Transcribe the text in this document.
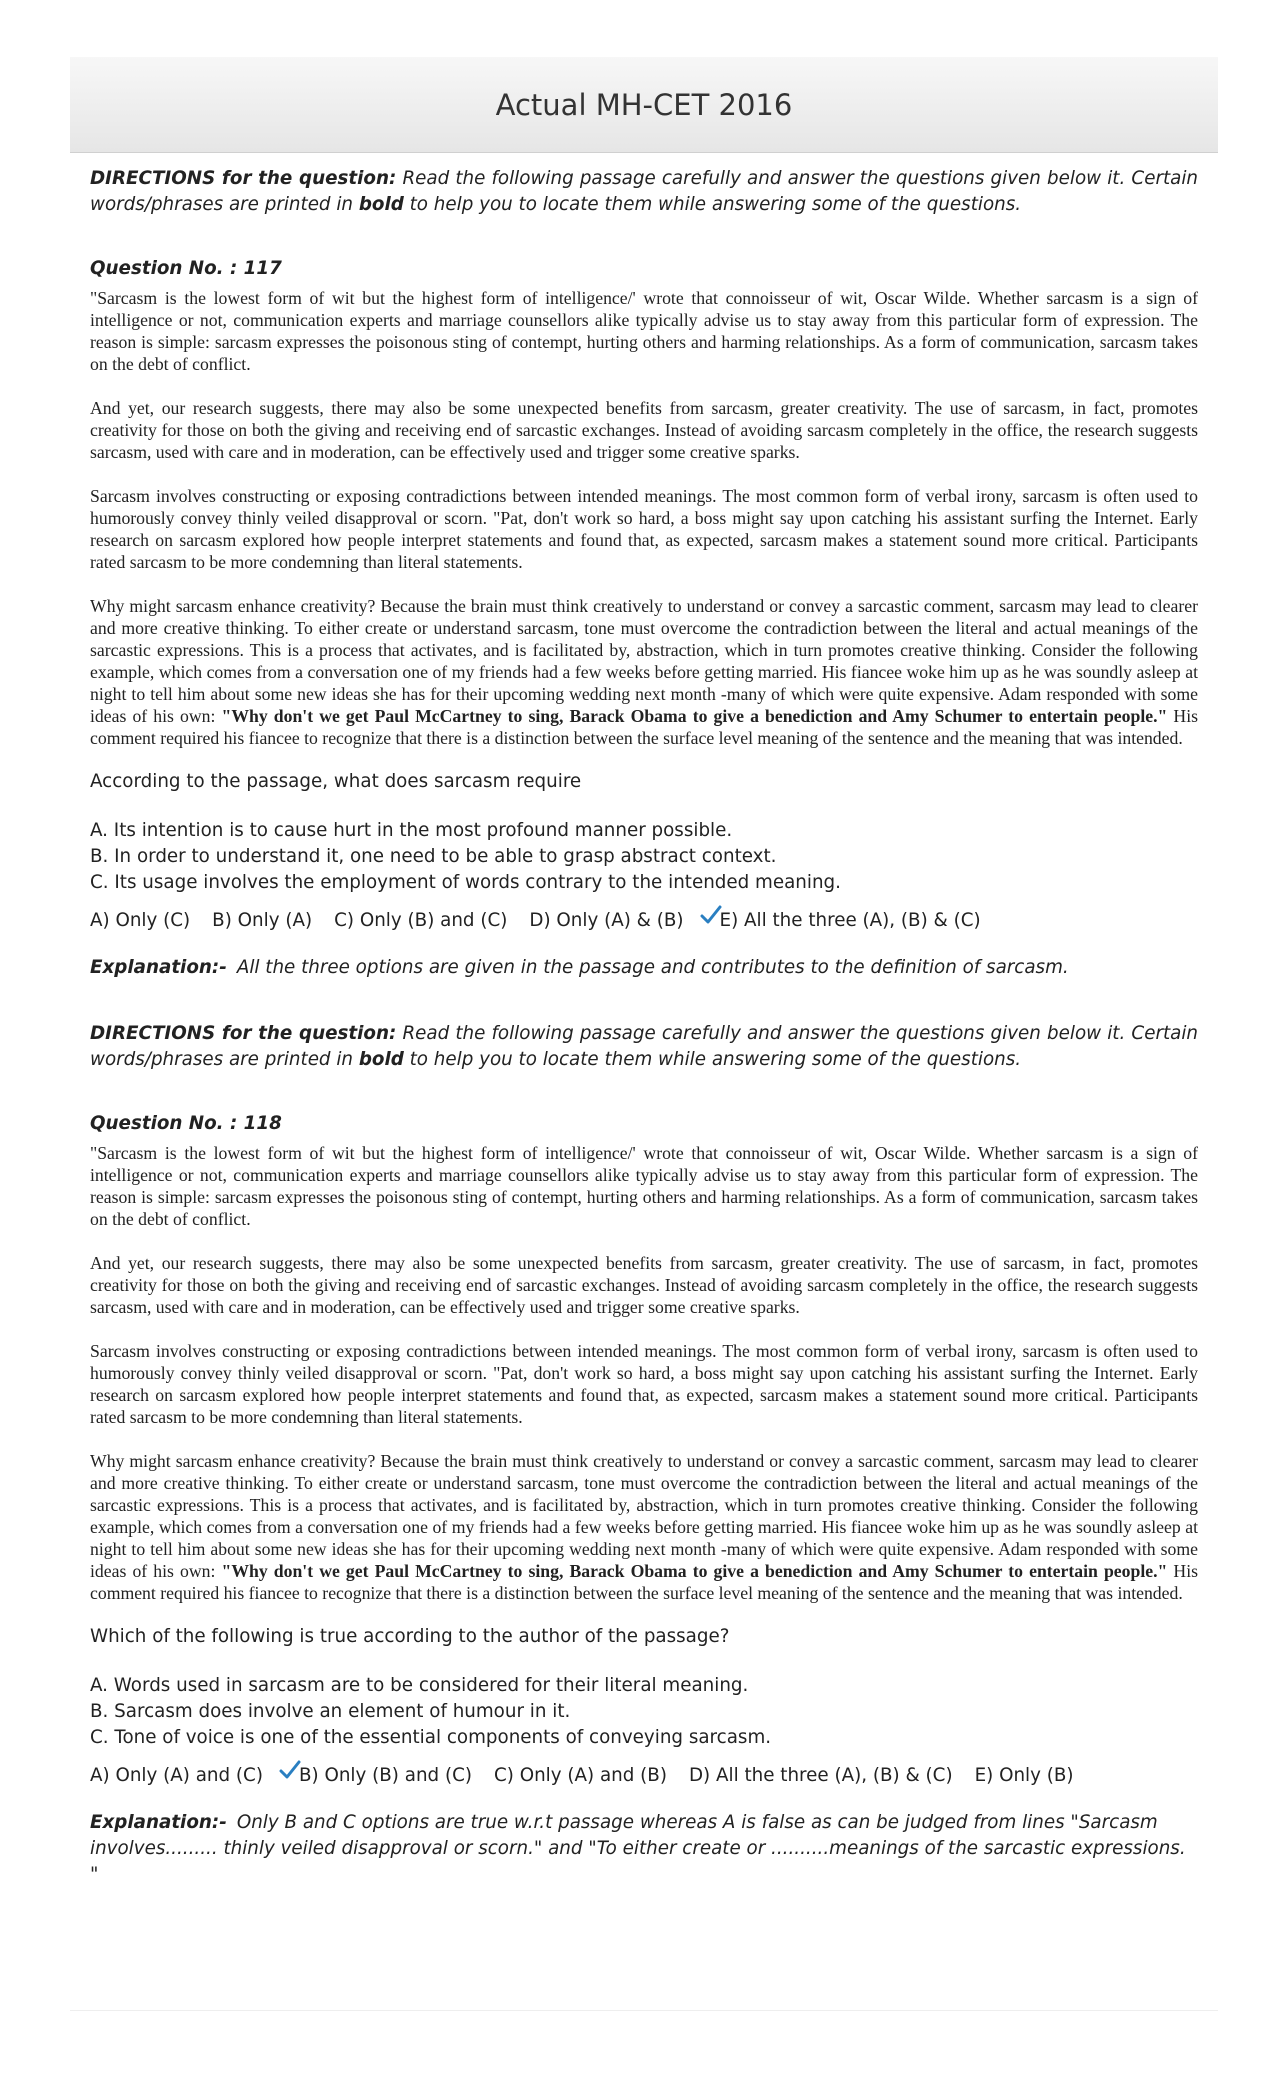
Actual MH-CET 2016

DIRECTIONS for the question: Read the following passage carefully and answer the questions given below it. Certain words/phrases are printed in bold to help you to locate them while answering some of the questions.

Question No. : 117

"Sarcasm is the lowest form of wit but the highest form of intelligence/' wrote that connoisseur of wit, Oscar Wilde. Whether sarcasm is a sign of intelligence or not, communication experts and marriage counsellors alike typically advise us to stay away from this particular form of expression. The reason is simple: sarcasm expresses the poisonous sting of contempt, hurting others and harming relationships. As a form of communication, sarcasm takes on the debt of conflict.

And yet, our research suggests, there may also be some unexpected benefits from sarcasm, greater creativity. The use of sarcasm, in fact, promotes creativity for those on both the giving and receiving end of sarcastic exchanges. Instead of avoiding sarcasm completely in the office, the research suggests sarcasm, used with care and in moderation, can be effectively used and trigger some creative sparks.

Sarcasm involves constructing or exposing contradictions between intended meanings. The most common form of verbal irony, sarcasm is often used to humorously convey thinly veiled disapproval or scorn. "Pat, don't work so hard, a boss might say upon catching his assistant surfing the Internet. Early research on sarcasm explored how people interpret statements and found that, as expected, sarcasm makes a statement sound more critical. Participants rated sarcasm to be more condemning than literal statements.

Why might sarcasm enhance creativity? Because the brain must think creatively to understand or convey a sarcastic comment, sarcasm may lead to clearer and more creative thinking. To either create or understand sarcasm, tone must overcome the contradiction between the literal and actual meanings of the sarcastic expressions. This is a process that activates, and is facilitated by, abstraction, which in turn promotes creative thinking. Consider the following example, which comes from a conversation one of my friends had a few weeks before getting married. His fiancee woke him up as he was soundly asleep at night to tell him about some new ideas she has for their upcoming wedding next month -many of which were quite expensive. Adam responded with some ideas of his own: "Why don't we get Paul McCartney to sing, Barack Obama to give a benediction and Amy Schumer to entertain people." His comment required his fiancee to recognize that there is a distinction between the surface level meaning of the sentence and the meaning that was intended.

According to the passage, what does sarcasm require

A. Its intention is to cause hurt in the most profound manner possible.
B. In order to understand it, one need to be able to grasp abstract context.
C. Its usage involves the employment of words contrary to the intended meaning.
A) Only (C) B) Only (A) C) Only (B) and (C) D) Only (A) & (B)	E) All the three (A), (B) & (C)

Explanation:- All the three options are given in the passage and contributes to the definition of sarcasm.

DIRECTIONS for the question: Read the following passage carefully and answer the questions given below it. Certain words/phrases are printed in bold to help you to locate them while answering some of the questions.

Question No. : 118

"Sarcasm is the lowest form of wit but the highest form of intelligence/' wrote that connoisseur of wit, Oscar Wilde. Whether sarcasm is a sign of intelligence or not, communication experts and marriage counsellors alike typically advise us to stay away from this particular form of expression. The reason is simple: sarcasm expresses the poisonous sting of contempt, hurting others and harming relationships. As a form of communication, sarcasm takes on the debt of conflict.

And yet, our research suggests, there may also be some unexpected benefits from sarcasm, greater creativity. The use of sarcasm, in fact, promotes creativity for those on both the giving and receiving end of sarcastic exchanges. Instead of avoiding sarcasm completely in the office, the research suggests sarcasm, used with care and in moderation, can be effectively used and trigger some creative sparks.

Sarcasm involves constructing or exposing contradictions between intended meanings. The most common form of verbal irony, sarcasm is often used to humorously convey thinly veiled disapproval or scorn. "Pat, don't work so hard, a boss might say upon catching his assistant surfing the Internet. Early research on sarcasm explored how people interpret statements and found that, as expected, sarcasm makes a statement sound more critical. Participants rated sarcasm to be more condemning than literal statements.

Why might sarcasm enhance creativity? Because the brain must think creatively to understand or convey a sarcastic comment, sarcasm may lead to clearer and more creative thinking. To either create or understand sarcasm, tone must overcome the contradiction between the literal and actual meanings of the sarcastic expressions. This is a process that activates, and is facilitated by, abstraction, which in turn promotes creative thinking. Consider the following example, which comes from a conversation one of my friends had a few weeks before getting married. His fiancee woke him up as he was soundly asleep at night to tell him about some new ideas she has for their upcoming wedding next month -many of which were quite expensive. Adam responded with some ideas of his own: "Why don't we get Paul McCartney to sing, Barack Obama to give a benediction and Amy Schumer to entertain people." His comment required his fiancee to recognize that there is a distinction between the surface level meaning of the sentence and the meaning that was intended.

Which of the following is true according to the author of the passage?

A. Words used in sarcasm are to be considered for their literal meaning.
B. Sarcasm does involve an element of humour in it.
C. Tone of voice is one of the essential components of conveying sarcasm.
A) Only (A) and (C)	B) Only (B) and (C) C) Only (A) and (B) D) All the three (A), (B) & (C) E) Only (B)

Explanation:- Only B and C options are true w.r.t passage whereas A is false as can be judged from lines "Sarcasm involves......... thinly veiled disapproval or scorn." and "To either create or ..........meanings of the sarcastic expressions. "
